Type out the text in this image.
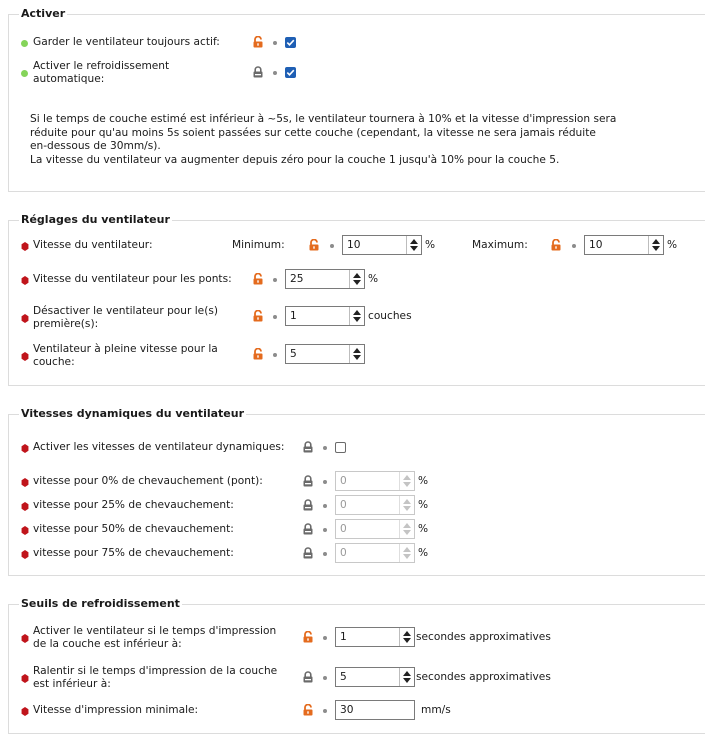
Activer
Garder le ventilateur toujours actif:
Activer le refroidissement
automatique:

Si le temps de couche estimé est inférieur à ~5s, le ventilateur tournera à 10% et la vitesse d'impression sera

réduite pour qu'au moins 5s soient passées sur cette couche (cependant, la vitesse ne sera jamais réduite

en-dessous de 30mm/s).

La vitesse du ventilateur va augmenter depuis zéro pour la couche 1 jusqu'à 10% pour la couche 5.

Réglages du ventilateur
Vitesse du ventilateur:	Minimum:	10	%	Maximum:	10	%
Vitesse du ventilateur pour les ponts:	25	%
Désactiver le ventilateur pour le(s)
première(s):
1	couches
Ventilateur à pleine vitesse pour la
couche:
5
Vitesses dynamiques du ventilateur
Activer les vitesses de ventilateur dynamiques:
vitesse pour 0% de chevauchement (pont):	0	%
vitesse pour 25% de chevauchement:	0	%
vitesse pour 50% de chevauchement:	0	%
vitesse pour 75% de chevauchement:	0	%
Seuils de refroidissement
Activer le ventilateur si le temps d'impression
de la couche est inférieur à:
1	secondes approximatives
Ralentir si le temps d'impression de la couche
est inférieur à:
5	secondes approximatives
Vitesse d'impression minimale:	30	mm/s
